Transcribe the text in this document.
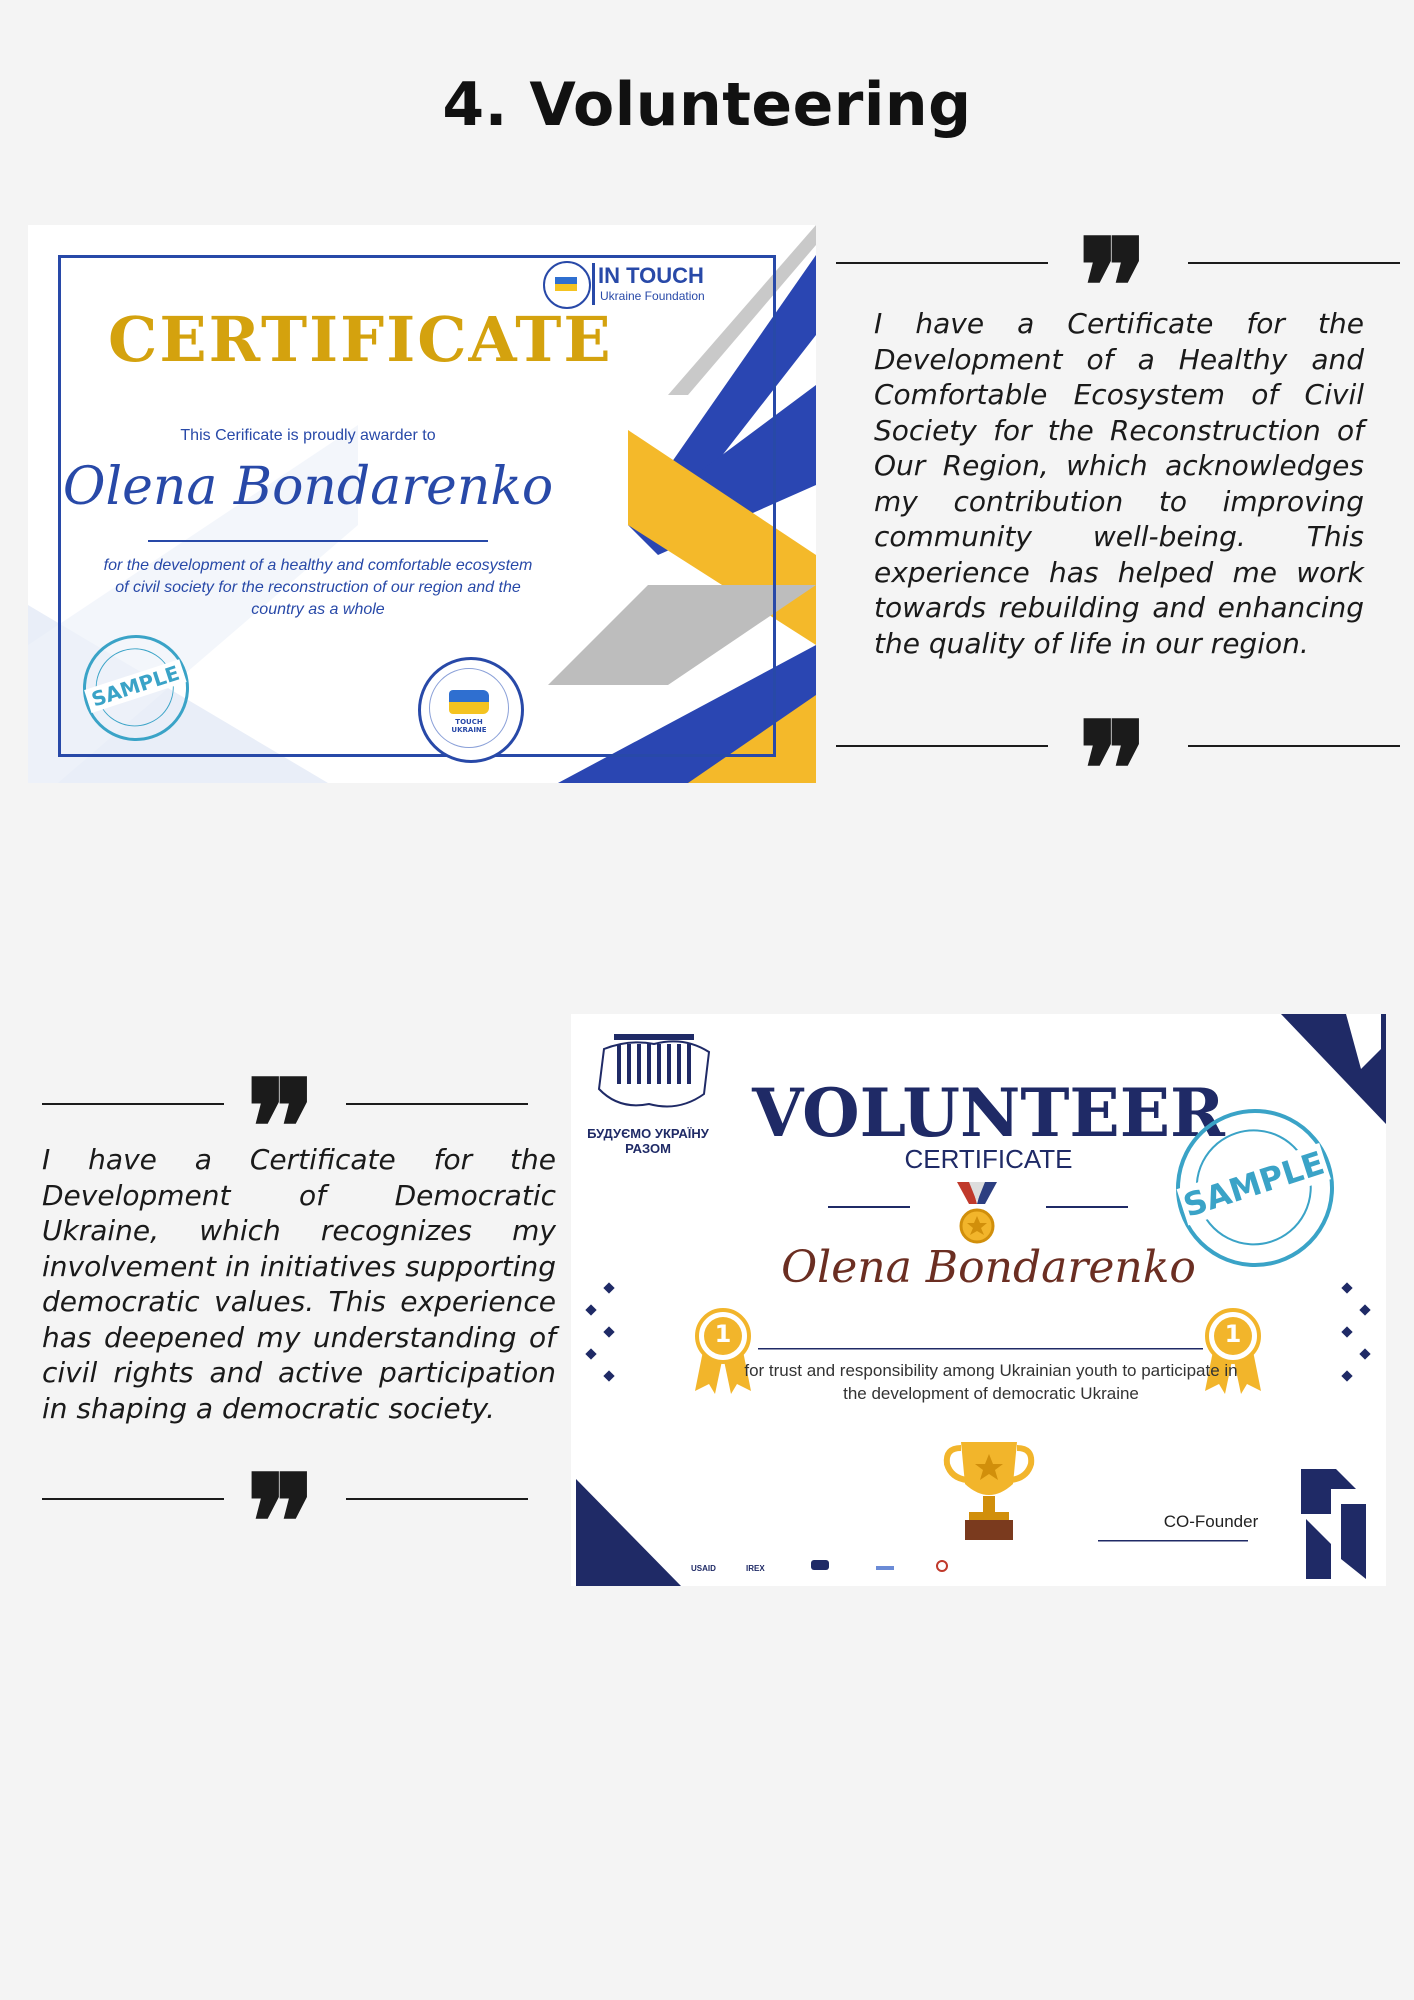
4. Volunteering
IN TOUCH
Ukraine Foundation
CERTIFICATE
This Cerificate is proudly awarder to
Olena Bondarenko
for the development of a healthy and comfortable ecosystem of civil society for the reconstruction of our region and the country as a whole
SAMPLE
TOUCH UKRAINE
❞
I have a Certificate for the Development of a Healthy and Comfortable Ecosystem of Civil Society for the Reconstruction of Our Region, which acknowledges my contribution to improving community well-being. This experience has helped me work towards rebuilding and enhancing the quality of life in our region.
❞
❞
I have a Certificate for the Development of Democratic Ukraine, which recognizes my involvement in initiatives supporting democratic values. This experience has deepened my understanding of civil rights and active participation in shaping a democratic society.
❞
БУДУЄМО УКРАЇНУ РАЗОМ	VOLUNTEER
CERTIFICATE
Olena Bondarenko
1	1
for trust and responsibility among Ukrainian youth to participate in the development of democratic Ukraine
CO-Founder
USAID	IREX
SAMPLE
